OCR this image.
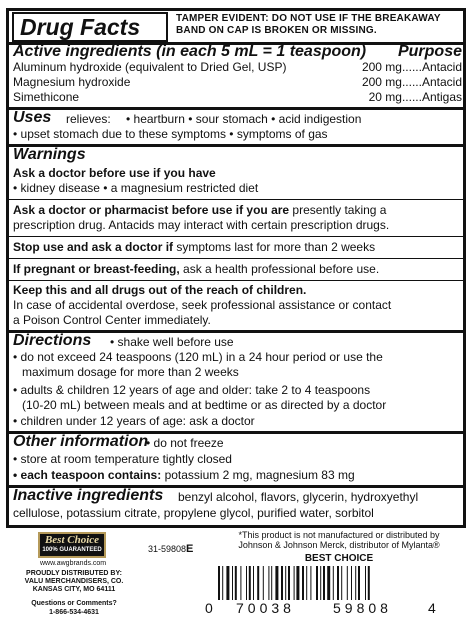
Drug Facts	TAMPER EVIDENT: DO NOT USE IF THE BREAKAWAY
BAND ON CAP IS BROKEN OR MISSING.
Active ingredients (in each 5 mL = 1 teaspoon) Purpose
Aluminum hydroxide (equivalent to Dried Gel, USP)	200 mg......Antacid
Magnesium hydroxide	200 mg......Antacid
Simethicone	20 mg......Antigas
Uses relieves: • heartburn • sour stomach • acid indigestion
• upset stomach due to these symptoms • symptoms of gas
Warnings
Ask a doctor before use if you have
• kidney disease • a magnesium restricted diet
Ask a doctor or pharmacist before use if you are presently taking a
prescription drug. Antacids may interact with certain prescription drugs.
Stop use and ask a doctor if symptoms last for more than 2 weeks
If pregnant or breast-feeding, ask a health professional before use.
Keep this and all drugs out of the reach of children.
In case of accidental overdose, seek professional assistance or contact
a Poison Control Center immediately.
Directions • shake well before use
• do not exceed 24 teaspoons (120 mL) in a 24 hour period or use the
maximum dosage for more than 2 weeks
• adults & children 12 years of age and older: take 2 to 4 teaspoons
(10-20 mL) between meals and at bedtime or as directed by a doctor
• children under 12 years of age: ask a doctor
Other information
• do not freeze
• store at room temperature tightly closed
• each teaspoon contains: potassium 2 mg, magnesium 83 mg
Inactive ingredients benzyl alcohol, flavors, glycerin, hydroxyethyl
cellulose, potassium citrate, propylene glycol, purified water, sorbitol
Best Choice
100% GUARANTEED
www.awgbrands.com
PROUDLY DISTRIBUTED BY:
VALU MERCHANDISERS, CO.
KANSAS CITY, MO 64111
Questions or Comments?
1-866-534-4631
31-59808E
*This product is not manufactured or distributed by
Johnson & Johnson Merck, distributor of Mylanta®
BEST CHOICE
0 70038	59808	4
